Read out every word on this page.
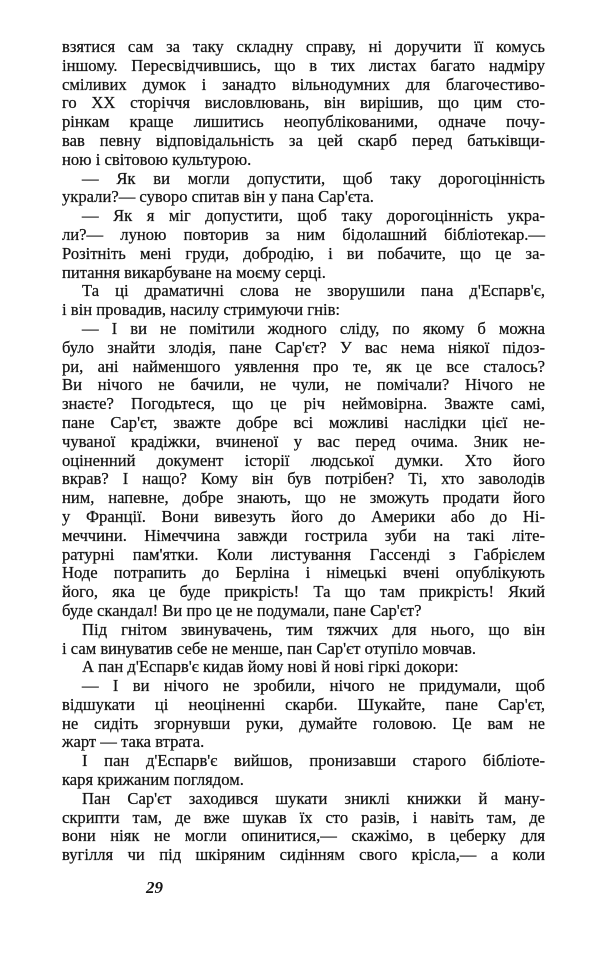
взятися сам за таку складну справу, ні доручити її комусь
іншому. Пересвідчившись, що в тих листах багато надміру
сміливих думок і занадто вільнодумних для благочестиво-
го XX сторіччя висловлювань, він вирішив, що цим сто-
рінкам краще лишитись неопублікованими, одначе почу-
вав певну відповідальність за цей скарб перед батьківщи-
ною і світовою культурою.
— Як ви могли допустити, щоб таку дорогоцінність
украли?— суворо спитав він у пана Сар'єта.
— Як я міг допустити, щоб таку дорогоцінність укра-
ли?— луною повторив за ним бідолашний бібліотекар.—
Розітніть мені груди, добродію, і ви побачите, що це за-
питання викарбуване на моєму серці.
Та ці драматичні слова не зворушили пана д'Еспарв'є,
і він провадив, насилу стримуючи гнів:
— І ви не помітили жодного сліду, по якому б можна
було знайти злодія, пане Сар'єт? У вас нема ніякої підоз-
ри, ані найменшого уявлення про те, як це все сталось?
Ви нічого не бачили, не чули, не помічали? Нічого не
знаєте? Погодьтеся, що це річ неймовірна. Зважте самі,
пане Сар'єт, зважте добре всі можливі наслідки цієї не-
чуваної крадіжки, вчиненої у вас перед очима. Зник не-
оціненний документ історії людської думки. Хто його
вкрав? І нащо? Кому він був потрібен? Ті, хто заволодів
ним, напевне, добре знають, що не зможуть продати його
у Франції. Вони вивезуть його до Америки або до Ні-
меччини. Німеччина завжди гострила зуби на такі літе-
ратурні пам'ятки. Коли листування Гассенді з Габрієлем
Ноде потрапить до Берліна і німецькі вчені опублікують
його, яка це буде прикрість! Та що там прикрість! Який
буде скандал! Ви про це не подумали, пане Сар'єт?
Під гнітом звинувачень, тим тяжчих для нього, що він
і сам винуватив себе не менше, пан Сар'єт отупіло мовчав.
А пан д'Еспарв'є кидав йому нові й нові гіркі докори:
— І ви нічого не зробили, нічого не придумали, щоб
відшукати ці неоціненні скарби. Шукайте, пане Сар'єт,
не сидіть згорнувши руки, думайте головою. Це вам не
жарт — така втрата.
І пан д'Еспарв'є вийшов, пронизавши старого бібліоте-
каря крижаним поглядом.
Пан Сар'єт заходився шукати зниклі книжки й ману-
скрипти там, де вже шукав їх сто разів, і навіть там, де
вони ніяк не могли опинитися,— скажімо, в цеберку для
вугілля чи під шкіряним сидінням свого крісла,— а коли
29
